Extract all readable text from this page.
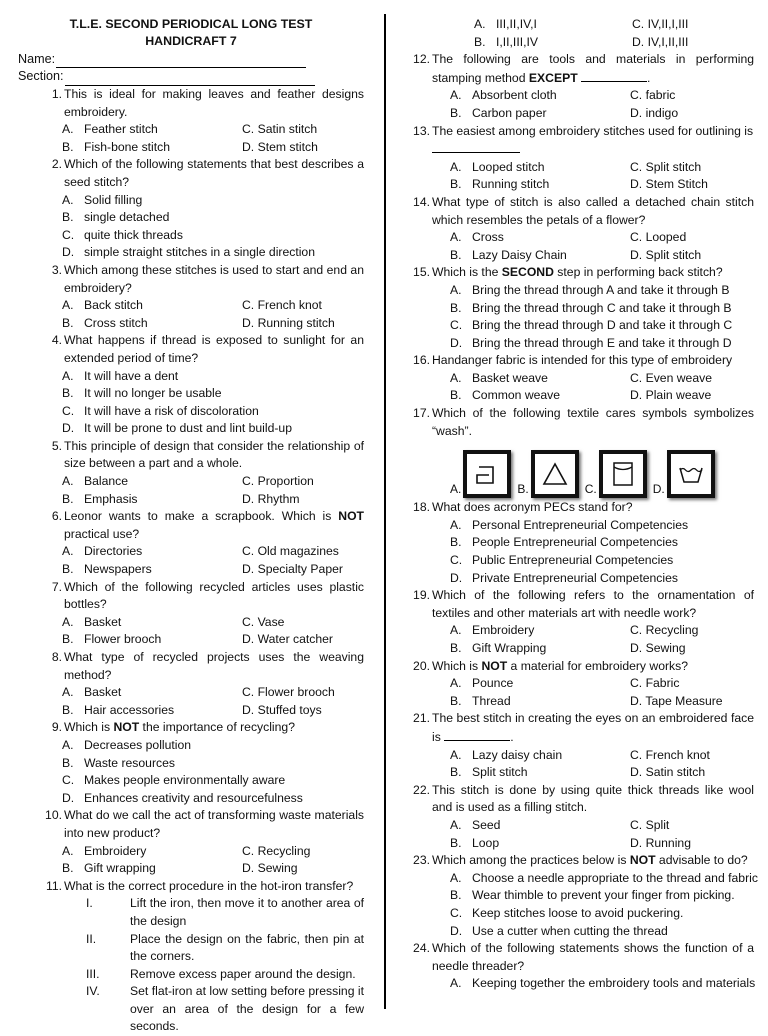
T.L.E. SECOND PERIODICAL LONG TEST
HANDICRAFT 7
Name:
Section:
1. This is ideal for making leaves and feather designs embroidery.
A. Feather stitch	C. Satin stitch
B. Fish-bone stitch	D. Stem stitch
2. Which of the following statements that best describes a seed stitch?
A. Solid filling
B. single detached
C. quite thick threads
D. simple straight stitches in a single direction
3. Which among these stitches is used to start and end an embroidery?
A. Back stitch	C. French knot
B. Cross stitch	D. Running stitch
4. What happens if thread is exposed to sunlight for an extended period of time?
A. It will have a dent
B. It will no longer be usable
C. It will have a risk of discoloration
D. It will be prone to dust and lint build-up
5. This principle of design that consider the relationship of size between a part and a whole.
A. Balance	C. Proportion
B. Emphasis	D. Rhythm
6. Leonor wants to make a scrapbook. Which is NOT practical use?
A. Directories	C. Old magazines
B. Newspapers	D. Specialty Paper
7. Which of the following recycled articles uses plastic bottles?
A. Basket	C. Vase
B. Flower brooch	D. Water catcher
8. What type of recycled projects uses the weaving method?
A. Basket	C. Flower brooch
B. Hair accessories	D. Stuffed toys
9. Which is NOT the importance of recycling?
A. Decreases pollution
B. Waste resources
C. Makes people environmentally aware
D. Enhances creativity and resourcefulness
10. What do we call the act of transforming waste materials into new product?
A. Embroidery	C. Recycling
B. Gift wrapping	D. Sewing
11. What is the correct procedure in the hot-iron transfer?
I.	Lift the iron, then move it to another area of the design
II.	Place the design on the fabric, then pin at the corners.
III.	Remove excess paper around the design.
IV.	Set flat-iron at low setting before pressing it over an area of the design for a few seconds.
A. III,II,IV,I	C. IV,II,I,III
B. I,II,III,IV	D. IV,I,II,III
12. The following are tools and materials in performing stamping method EXCEPT	.
A. Absorbent cloth	C. fabric
B. Carbon paper	D. indigo
13. The easiest among embroidery stitches used for outlining is

A. Looped stitch	C. Split stitch
B. Running stitch	D. Stem Stitch
14. What type of stitch is also called a detached chain stitch which resembles the petals of a flower?
A. Cross	C. Looped
B. Lazy Daisy Chain	D. Split stitch
15. Which is the SECOND step in performing back stitch?
A. Bring the thread through A and take it through B
B. Bring the thread through C and take it through B
C. Bring the thread through D and take it through C
D. Bring the thread through E and take it through D
16. Handanger fabric is intended for this type of embroidery
A. Basket weave	C. Even weave
B. Common weave	D. Plain weave
17. Which of the following textile cares symbols symbolizes “wash”.
A.	B.	C.	D.
18. What does acronym PECs stand for?
A. Personal Entrepreneurial Competencies
B. People Entrepreneurial Competencies
C. Public Entrepreneurial Competencies
D. Private Entrepreneurial Competencies
19. Which of the following refers to the ornamentation of textiles and other materials art with needle work?
A. Embroidery	C. Recycling
B. Gift Wrapping	D. Sewing
20. Which is NOT a material for embroidery works?
A. Pounce	C. Fabric
B. Thread	D. Tape Measure
21. The best stitch in creating the eyes on an embroidered face is	.
A. Lazy daisy chain	C. French knot
B. Split stitch	D. Satin stitch
22. This stitch is done by using quite thick threads like wool and is used as a filling stitch.
A. Seed	C. Split
B. Loop	D. Running
23. Which among the practices below is NOT advisable to do?
A. Choose a needle appropriate to the thread and fabric
B. Wear thimble to prevent your finger from picking.
C. Keep stitches loose to avoid puckering.
D. Use a cutter when cutting the thread
24. Which of the following statements shows the function of a needle threader?
A. Keeping together the embroidery tools and materials
